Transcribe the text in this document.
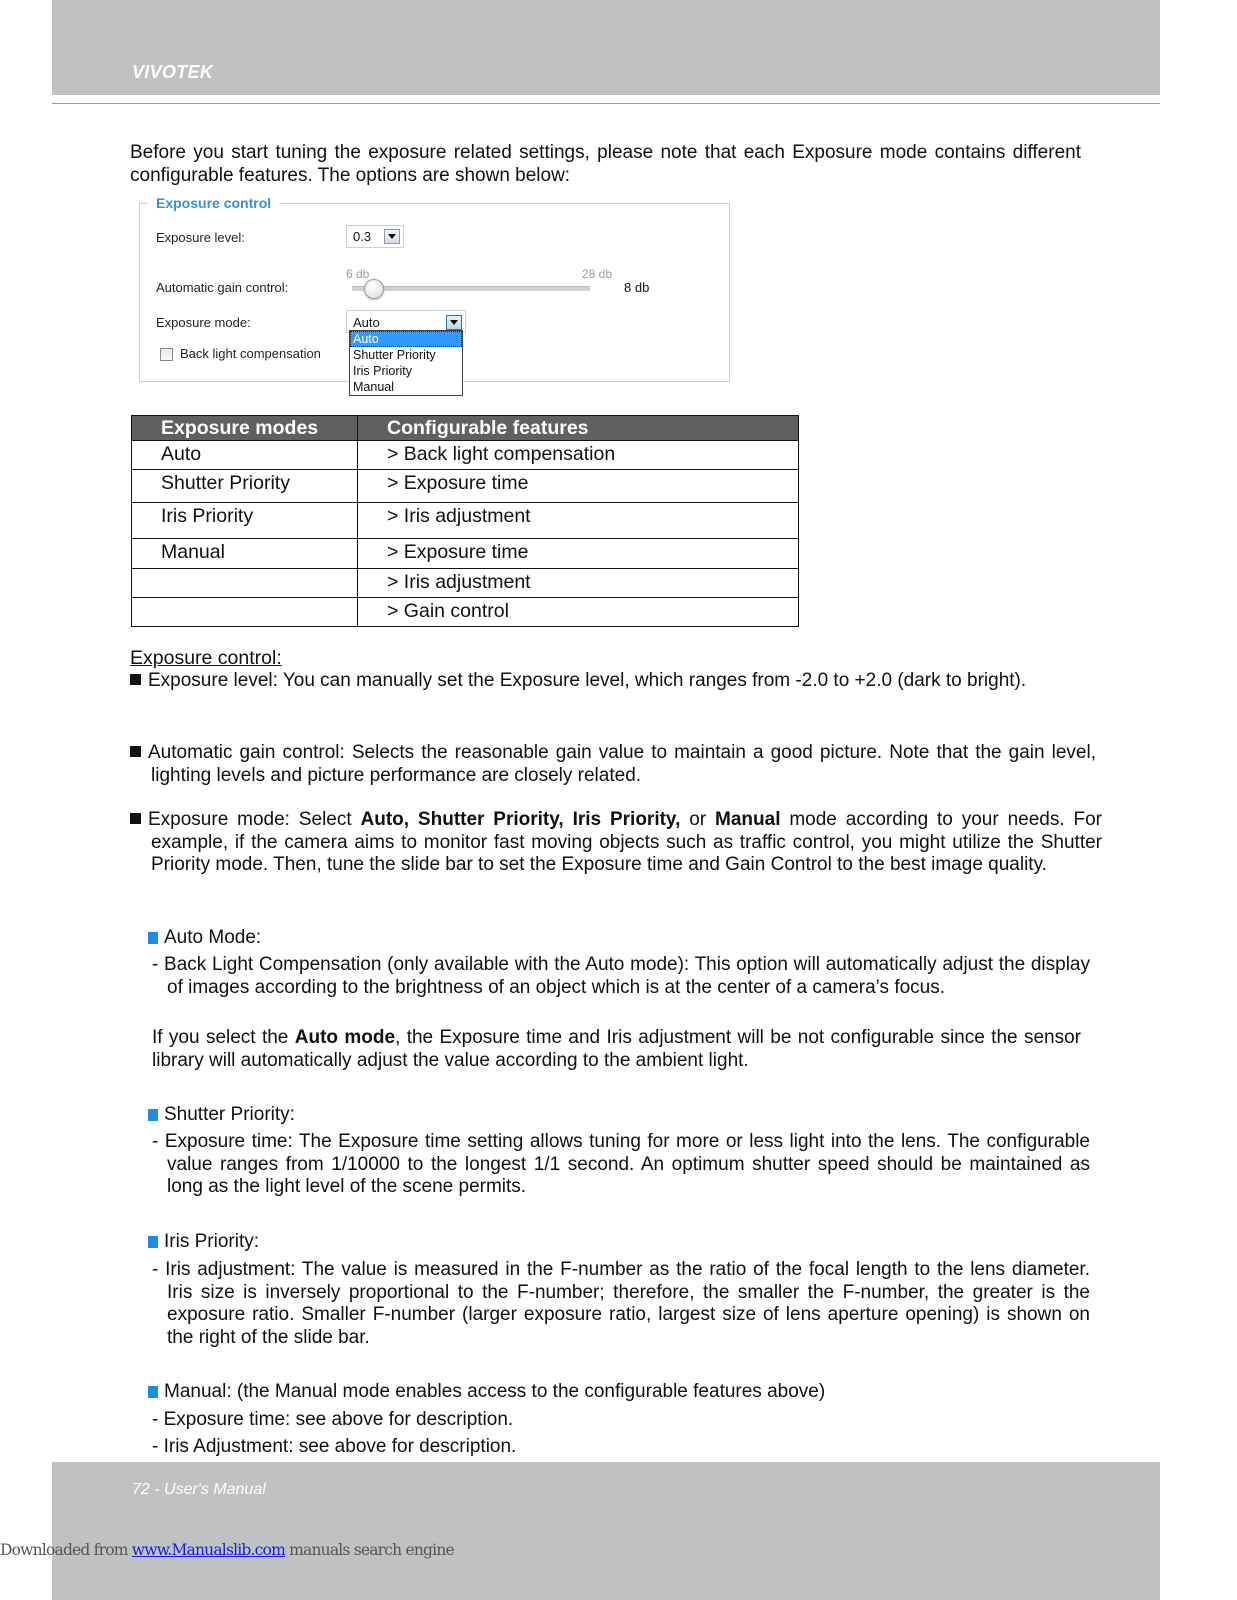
VIVOTEK
Before you start tuning the exposure related settings, please note that each Exposure mode contains different configurable features. The options are shown below:
Exposure control
Exposure level:	0.3
Automatic gain control:
6 db	28 db
8 db
Exposure mode:	Auto
Auto
Shutter Priority
Iris Priority
Manual
Back light compensation
Exposure modes	Configurable features
Auto	> Back light compensation
Shutter Priority	> Exposure time
Iris Priority	> Iris adjustment
Manual	> Exposure time
	> Iris adjustment
	> Gain control
Exposure control:
Exposure level: You can manually set the Exposure level, which ranges from -2.0 to +2.0 (dark to bright).
Automatic gain control: Selects the reasonable gain value to maintain a good picture. Note that the gain level, lighting levels and picture performance are closely related.
Exposure mode: Select Auto, Shutter Priority, Iris Priority, or Manual mode according to your needs. For example, if the camera aims to monitor fast moving objects such as traffic control, you might utilize the Shutter Priority mode. Then, tune the slide bar to set the Exposure time and Gain Control to the best image quality.
Auto Mode:
- Back Light Compensation (only available with the Auto mode): This option will automatically adjust the display of images according to the brightness of an object which is at the center of a camera’s focus.
If you select the Auto mode, the Exposure time and Iris adjustment will be not configurable since the sensor library will automatically adjust the value according to the ambient light.
Shutter Priority:
- Exposure time: The Exposure time setting allows tuning for more or less light into the lens. The configurable value ranges from 1/10000 to the longest 1/1 second. An optimum shutter speed should be maintained as long as the light level of the scene permits.
Iris Priority:
- Iris adjustment: The value is measured in the F-number as the ratio of the focal length to the lens diameter. Iris size is inversely proportional to the F-number; therefore, the smaller the F-number, the greater is the exposure ratio. Smaller F-number (larger exposure ratio, largest size of lens aperture opening) is shown on the right of the slide bar.
Manual: (the Manual mode enables access to the configurable features above)
- Exposure time: see above for description.
- Iris Adjustment: see above for description.
72 - User's Manual
Downloaded from www.Manualslib.com manuals search engine
